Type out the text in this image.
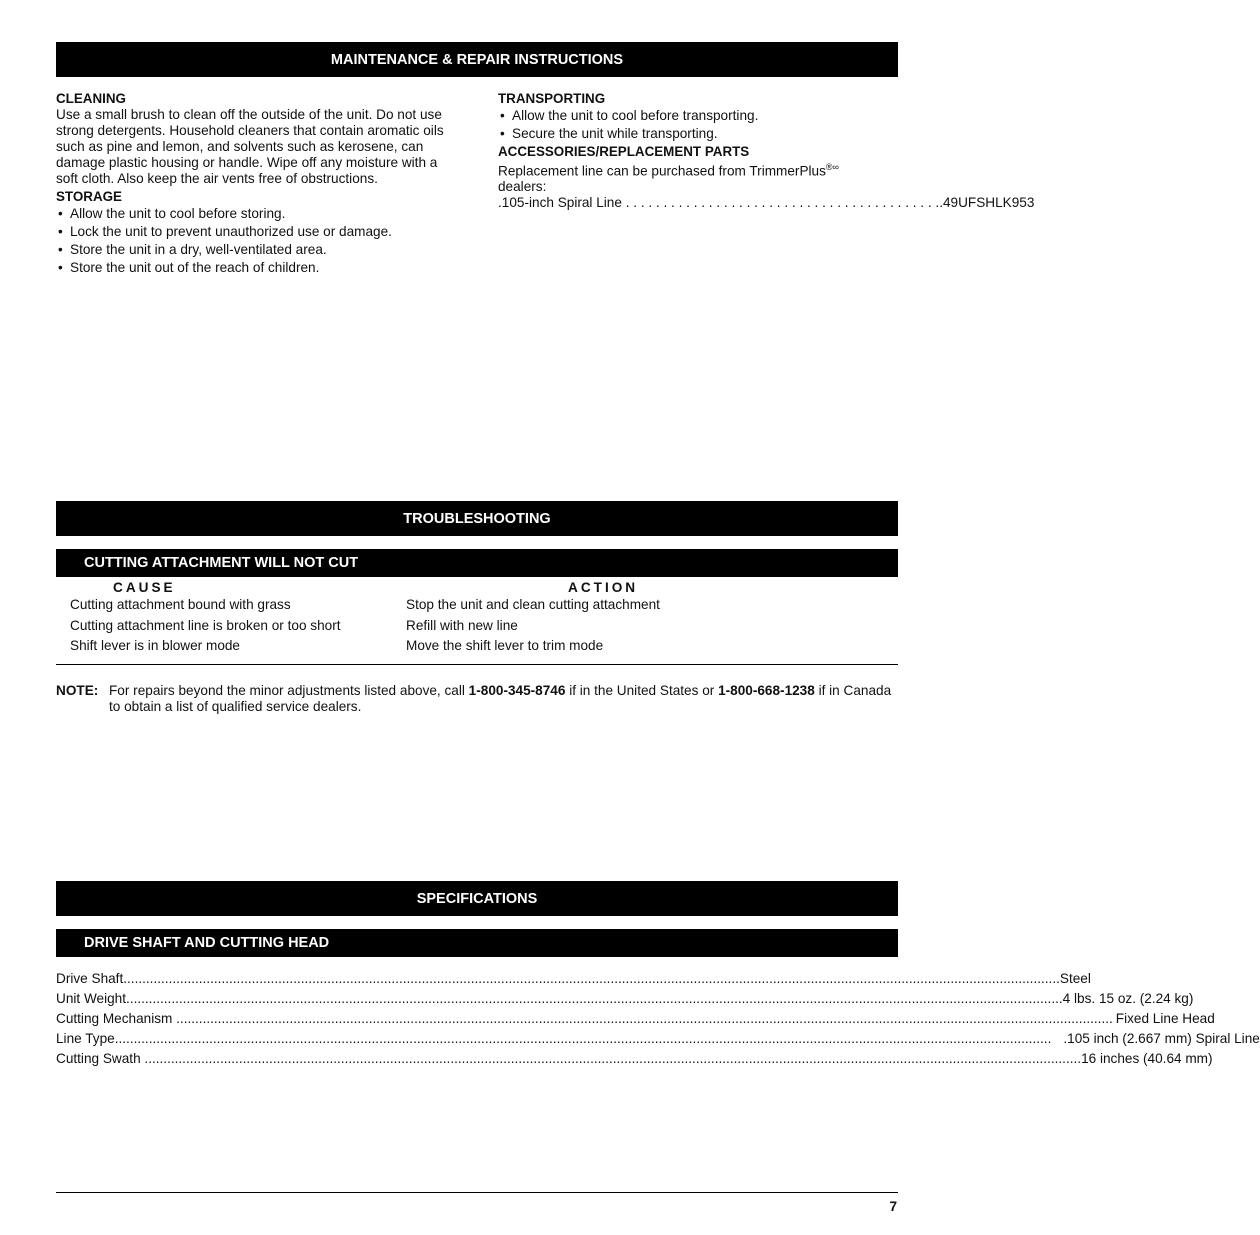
MAINTENANCE & REPAIR INSTRUCTIONS
CLEANING

Use a small brush to clean off the outside of the unit. Do not use strong detergents. Household cleaners that contain aromatic oils such as pine and lemon, and solvents such as kerosene, can damage plastic housing or handle. Wipe off any moisture with a soft cloth. Also keep the air vents free of obstructions.

STORAGE
• Allow the unit to cool before storing.
• Lock the unit to prevent unauthorized use or damage.
• Store the unit in a dry, well-ventilated area.
• Store the unit out of the reach of children.
TRANSPORTING
• Allow the unit to cool before transporting.
• Secure the unit while transporting.
ACCESSORIES/REPLACEMENT PARTS

Replacement line can be purchased from TrimmerPlus®∞
dealers:

.105-inch Spiral Line . . . . . . . . . . . . . . . . . . . . . . . . . . . . . . . . . . . . . . . . . . .49UFSHLK953
TROUBLESHOOTING
CUTTING ATTACHMENT WILL NOT CUT
CAUSE	ACTION
Cutting attachment bound with grass	Stop the unit and clean cutting attachment
Cutting attachment line is broken or too short	Refill with new line
Shift lever is in blower mode	Move the shift lever to trim mode
NOTE: For repairs beyond the minor adjustments listed above, call 1-800-345-8746 if in the United States or 1-800-668-1238 if in Canada to obtain a list of qualified service dealers.
SPECIFICATIONS
DRIVE SHAFT AND CUTTING HEAD
Drive Shaft ........................................................................................................................................................................................................................................................ Steel
Unit Weight ........................................................................................................................................................................................................................................................ 4 lbs. 15 oz. (2.24 kg)
Cutting Mechanism ........................................................................................................................................................................................................................................................ Fixed Line Head
Line Type ........................................................................................................................................................................................................................................................ .105 inch (2.667 mm) Spiral Line
Cutting Swath ........................................................................................................................................................................................................................................................ 16 inches (40.64 mm)
7
